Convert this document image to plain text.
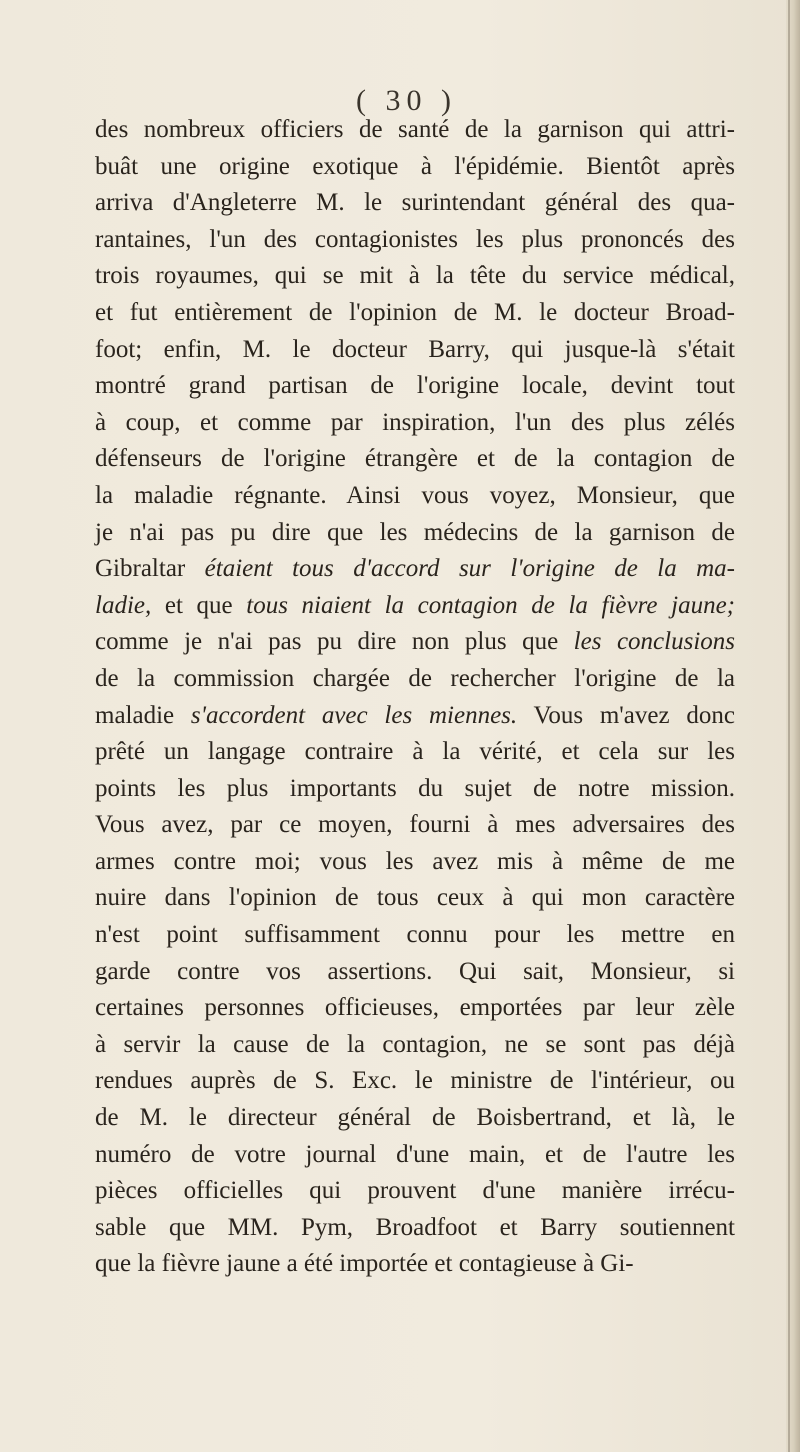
( 30 )
des nombreux officiers de santé de la garnison qui attri-
buât une origine exotique à l'épidémie. Bientôt après
arriva d'Angleterre M. le surintendant général des qua-
rantaines, l'un des contagionistes les plus prononcés des
trois royaumes, qui se mit à la tête du service médical,
et fut entièrement de l'opinion de M. le docteur Broad-
foot; enfin, M. le docteur Barry, qui jusque-là s'était
montré grand partisan de l'origine locale, devint tout
à coup, et comme par inspiration, l'un des plus zélés
défenseurs de l'origine étrangère et de la contagion de
la maladie régnante. Ainsi vous voyez, Monsieur, que
je n'ai pas pu dire que les médecins de la garnison de
Gibraltar étaient tous d'accord sur l'origine de la ma-
ladie, et que tous niaient la contagion de la fièvre jaune;
comme je n'ai pas pu dire non plus que les conclusions
de la commission chargée de rechercher l'origine de la
maladie s'accordent avec les miennes. Vous m'avez donc
prêté un langage contraire à la vérité, et cela sur les
points les plus importants du sujet de notre mission.
Vous avez, par ce moyen, fourni à mes adversaires des
armes contre moi; vous les avez mis à même de me
nuire dans l'opinion de tous ceux à qui mon caractère
n'est point suffisamment connu pour les mettre en
garde contre vos assertions. Qui sait, Monsieur, si
certaines personnes officieuses, emportées par leur zèle
à servir la cause de la contagion, ne se sont pas déjà
rendues auprès de S. Exc. le ministre de l'intérieur, ou
de M. le directeur général de Boisbertrand, et là, le
numéro de votre journal d'une main, et de l'autre les
pièces officielles qui prouvent d'une manière irrécu-
sable que MM. Pym, Broadfoot et Barry soutiennent
que la fièvre jaune a été importée et contagieuse à Gi-
